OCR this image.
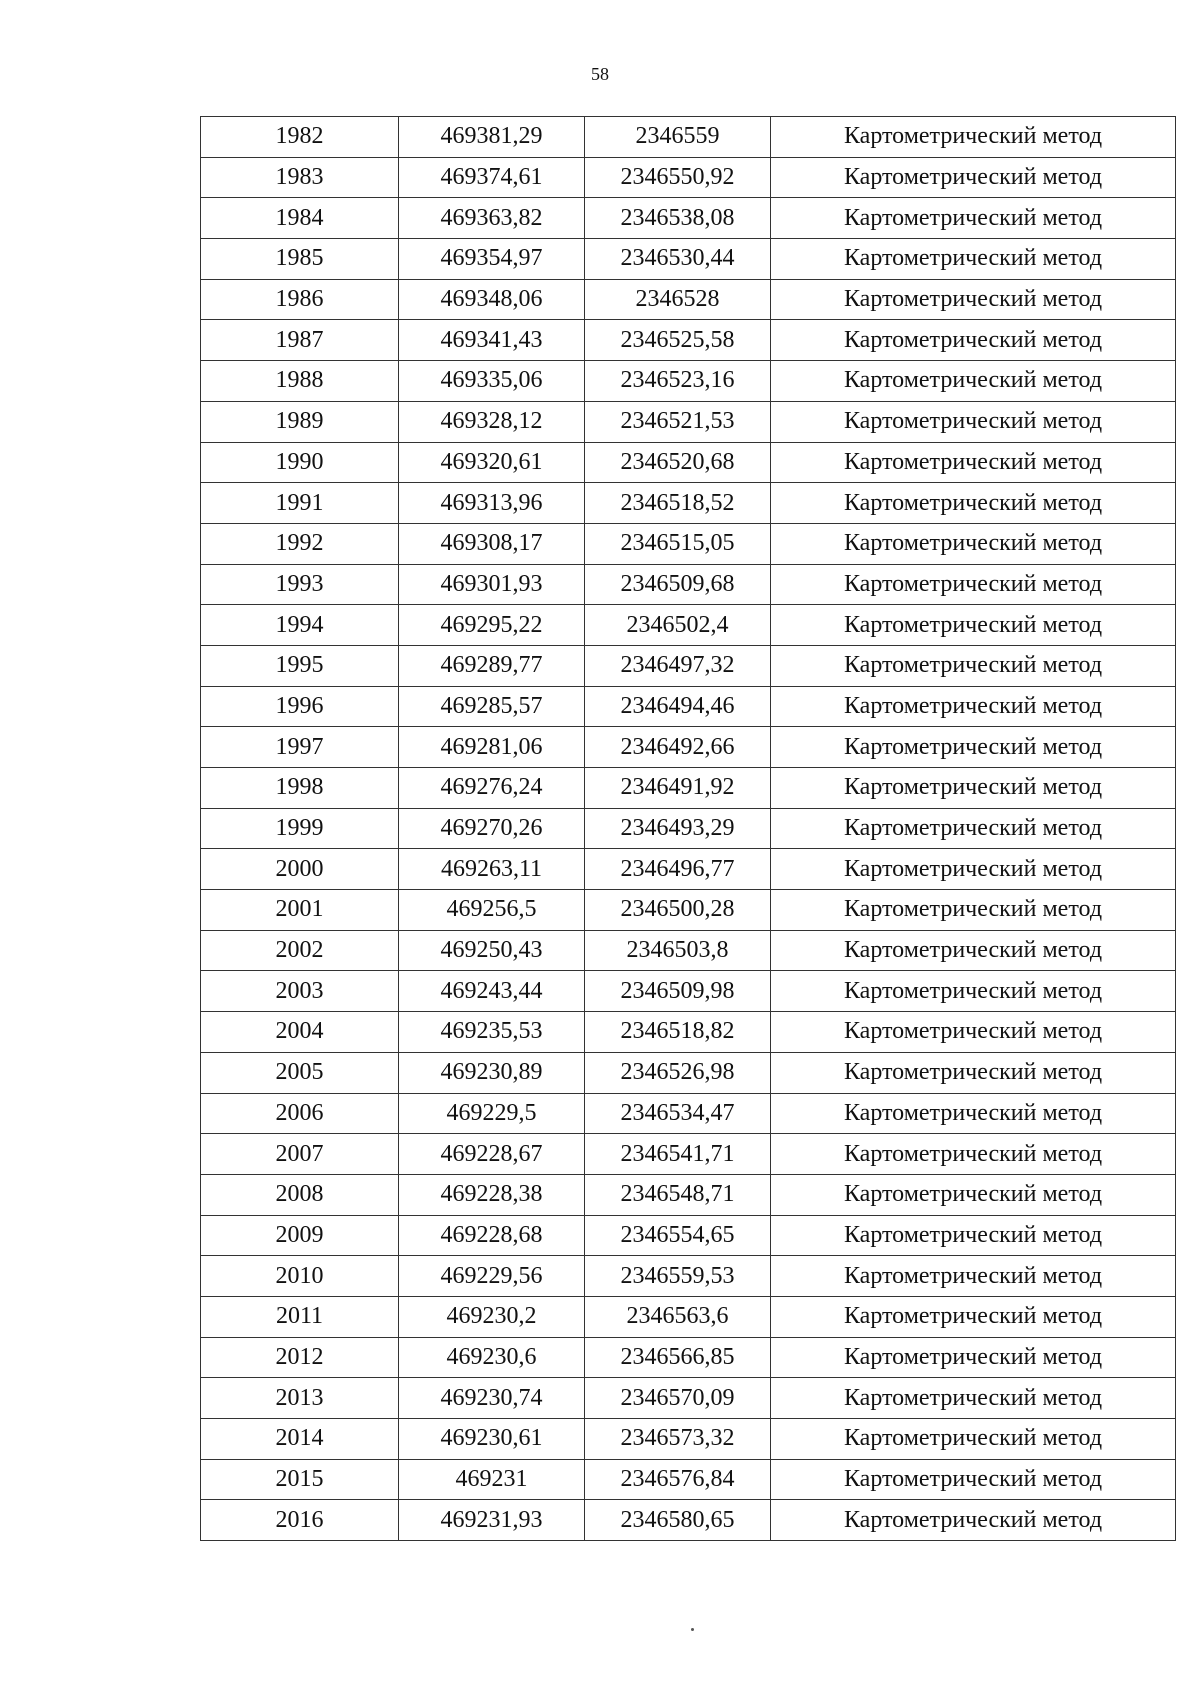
58
1982	469381,29	2346559	Картометрический метод
1983	469374,61	2346550,92	Картометрический метод
1984	469363,82	2346538,08	Картометрический метод
1985	469354,97	2346530,44	Картометрический метод
1986	469348,06	2346528	Картометрический метод
1987	469341,43	2346525,58	Картометрический метод
1988	469335,06	2346523,16	Картометрический метод
1989	469328,12	2346521,53	Картометрический метод
1990	469320,61	2346520,68	Картометрический метод
1991	469313,96	2346518,52	Картометрический метод
1992	469308,17	2346515,05	Картометрический метод
1993	469301,93	2346509,68	Картометрический метод
1994	469295,22	2346502,4	Картометрический метод
1995	469289,77	2346497,32	Картометрический метод
1996	469285,57	2346494,46	Картометрический метод
1997	469281,06	2346492,66	Картометрический метод
1998	469276,24	2346491,92	Картометрический метод
1999	469270,26	2346493,29	Картометрический метод
2000	469263,11	2346496,77	Картометрический метод
2001	469256,5	2346500,28	Картометрический метод
2002	469250,43	2346503,8	Картометрический метод
2003	469243,44	2346509,98	Картометрический метод
2004	469235,53	2346518,82	Картометрический метод
2005	469230,89	2346526,98	Картометрический метод
2006	469229,5	2346534,47	Картометрический метод
2007	469228,67	2346541,71	Картометрический метод
2008	469228,38	2346548,71	Картометрический метод
2009	469228,68	2346554,65	Картометрический метод
2010	469229,56	2346559,53	Картометрический метод
2011	469230,2	2346563,6	Картометрический метод
2012	469230,6	2346566,85	Картометрический метод
2013	469230,74	2346570,09	Картометрический метод
2014	469230,61	2346573,32	Картометрический метод
2015	469231	2346576,84	Картометрический метод
2016	469231,93	2346580,65	Картометрический метод
